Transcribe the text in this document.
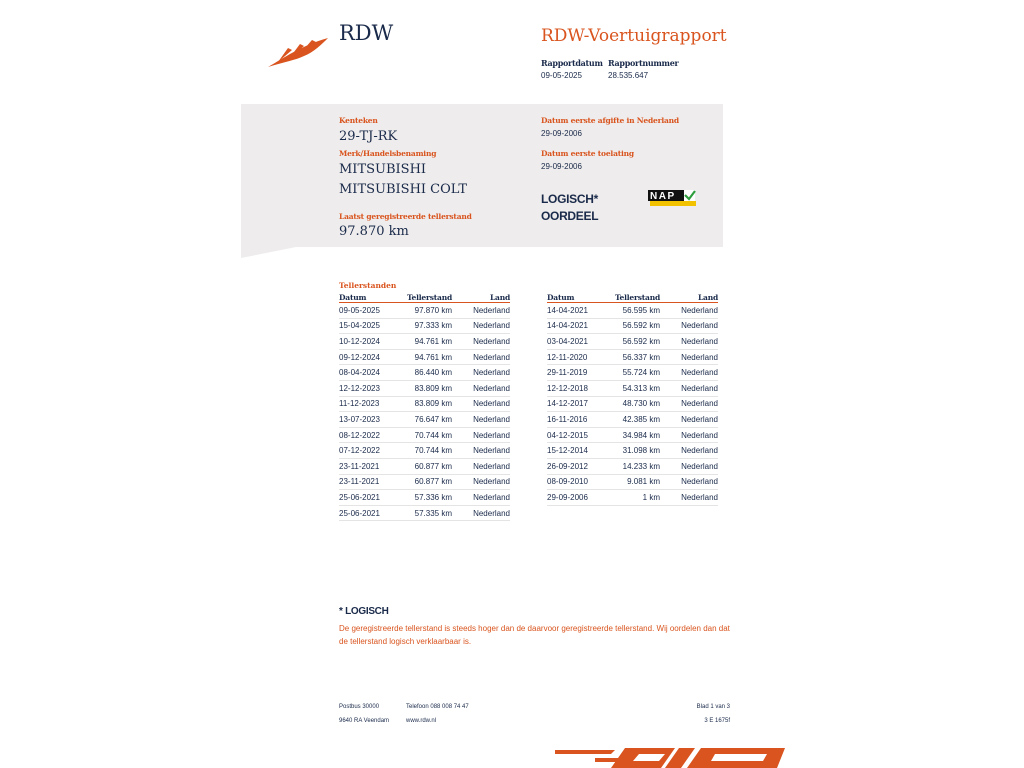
RDW	RDW-Voertuigrapport
Rapportdatum
09-05-2025
Rapportnummer
28.535.647
Kenteken
29-TJ-RK
Merk/Handelsbenaming
MITSUBISHI
MITSUBISHI COLT
Laatst geregistreerde tellerstand
97.870 km
Datum eerste afgifte in Nederland
29-09-2006
Datum eerste toelating
29-09-2006
LOGISCH*
OORDEEL
NAP
Tellerstanden
Datum	Tellerstand	Land
09-05-2025	97.870 km	Nederland
15-04-2025	97.333 km	Nederland
10-12-2024	94.761 km	Nederland
09-12-2024	94.761 km	Nederland
08-04-2024	86.440 km	Nederland
12-12-2023	83.809 km	Nederland
11-12-2023	83.809 km	Nederland
13-07-2023	76.647 km	Nederland
08-12-2022	70.744 km	Nederland
07-12-2022	70.744 km	Nederland
23-11-2021	60.877 km	Nederland
23-11-2021	60.877 km	Nederland
25-06-2021	57.336 km	Nederland
25-06-2021	57.335 km	Nederland
Datum	Tellerstand	Land
14-04-2021	56.595 km	Nederland
14-04-2021	56.592 km	Nederland
03-04-2021	56.592 km	Nederland
12-11-2020	56.337 km	Nederland
29-11-2019	55.724 km	Nederland
12-12-2018	54.313 km	Nederland
14-12-2017	48.730 km	Nederland
16-11-2016	42.385 km	Nederland
04-12-2015	34.984 km	Nederland
15-12-2014	31.098 km	Nederland
26-09-2012	14.233 km	Nederland
08-09-2010	9.081 km	Nederland
29-09-2006	1 km	Nederland
* LOGISCH
De geregistreerde tellerstand is steeds hoger dan de daarvoor geregistreerde tellerstand. Wij oordelen dan dat de tellerstand logisch verklaarbaar is.
Postbus 30000
9640 RA Veendam
Telefoon 088 008 74 47
www.rdw.nl
Blad 1 van 3
3 E 1675f
